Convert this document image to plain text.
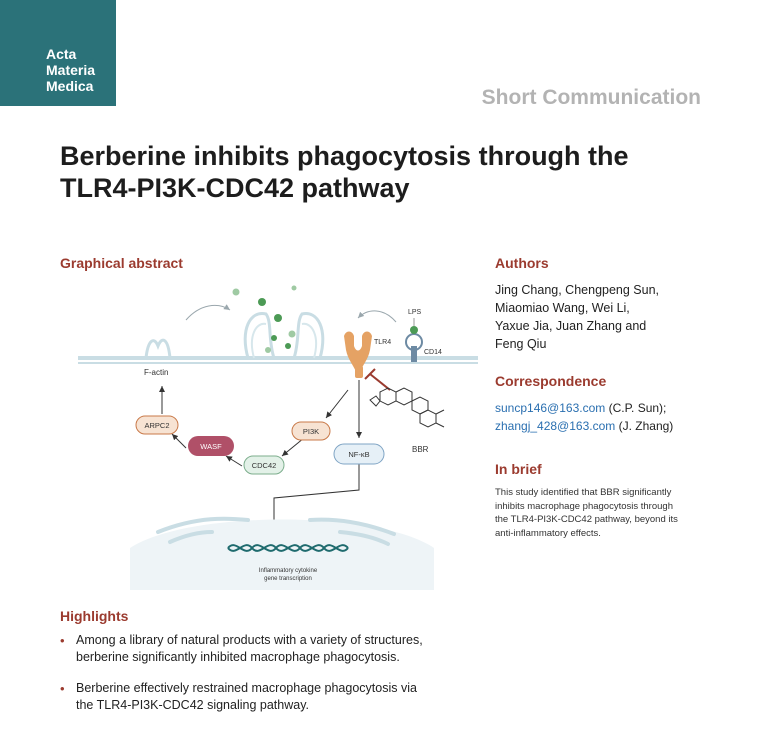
Acta
Materia
Medica	Short Communication
Berberine inhibits phagocytosis through the
TLR4-PI3K-CDC42 pathway
Graphical abstract
TLR4
LPS
CD14
BBR
F-actin
ARPC2
WASF
CDC42
PI3K
NF-κB
Inflammatory cytokine
gene transcription
Authors
Jing Chang, Chengpeng Sun,
Miaomiao Wang, Wei Li,
Yaxue Jia, Juan Zhang and
Feng Qiu
Correspondence
suncp146@163.com (C.P. Sun);
zhangj_428@163.com (J. Zhang)
In brief
This study identified that BBR significantly
inhibits macrophage phagocytosis through
the TLR4-PI3K-CDC42 pathway, beyond its
anti-inflammatory effects.
Highlights
• Among a library of natural products with a variety of structures,
berberine significantly inhibited macrophage phagocytosis.
• Berberine effectively restrained macrophage phagocytosis via
the TLR4-PI3K-CDC42 signaling pathway.
